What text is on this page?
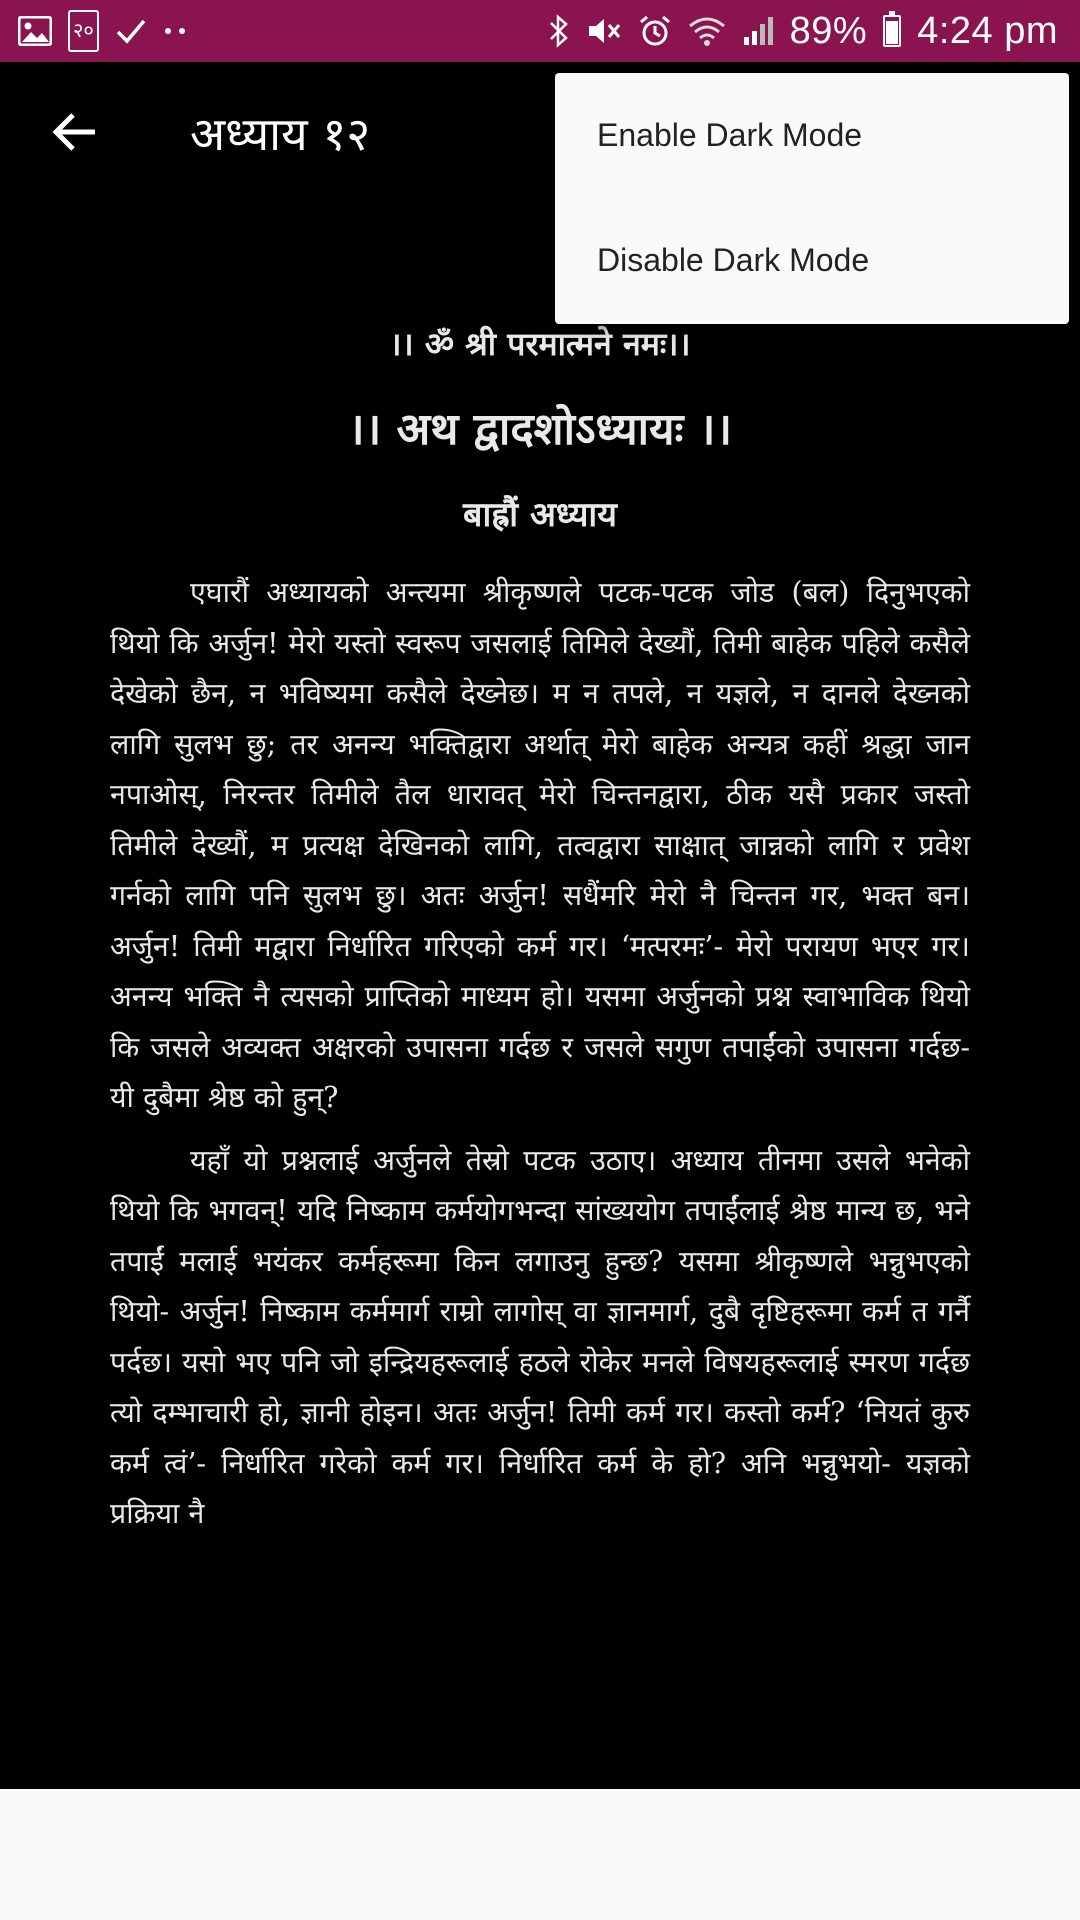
२०	89% 4:24 pm
अध्याय १२
।। ॐ श्री परमात्मने नमः।।
।। अथ द्वादशोऽध्यायः ।।
बाह्रौं अध्याय

एघारौं अध्यायको अन्त्यमा श्रीकृष्णले पटक-पटक जोड (बल) दिनुभएको थियो कि अर्जुन! मेरो यस्तो स्वरूप जसलाई तिमिले देख्यौं, तिमी बाहेक पहिले कसैले देखेको छैन, न भविष्यमा कसैले देख्नेछ। म न तपले, न यज्ञले, न दानले देख्नको लागि सुलभ छु; तर अनन्य भक्तिद्वारा अर्थात् मेरो बाहेक अन्यत्र कहीं श्रद्धा जान नपाओस्, निरन्तर तिमीले तैल धारावत् मेरो चिन्तनद्वारा, ठीक यसै प्रकार जस्तो तिमीले देख्यौं, म प्रत्यक्ष देखिनको लागि, तत्वद्वारा साक्षात् जान्नको लागि र प्रवेश गर्नको लागि पनि सुलभ छु। अतः अर्जुन! सधैंमरि मेरो नै चिन्तन गर, भक्त बन। अर्जुन! तिमी मद्वारा निर्धारित गरिएको कर्म गर। ‘मत्परमः’- मेरो परायण भएर गर। अनन्य भक्ति नै त्यसको प्राप्तिको माध्यम हो। यसमा अर्जुनको प्रश्न स्वाभाविक थियो कि जसले अव्यक्त अक्षरको उपासना गर्दछ र जसले सगुण तपाईंको उपासना गर्दछ- यी दुबैमा श्रेष्ठ को हुन्?

यहाँ यो प्रश्नलाई अर्जुनले तेस्रो पटक उठाए। अध्याय तीनमा उसले भनेको थियो कि भगवन्! यदि निष्काम कर्मयोगभन्दा सांख्ययोग तपाईंलाई श्रेष्ठ मान्य छ, भने तपाईं मलाई भयंकर कर्महरूमा किन लगाउनु हुन्छ? यसमा श्रीकृष्णले भन्नुभएको थियो- अर्जुन! निष्काम कर्ममार्ग राम्रो लागोस् वा ज्ञानमार्ग, दुबै दृष्टिहरूमा कर्म त गर्नै पर्दछ। यसो भए पनि जो इन्द्रियहरूलाई हठले रोकेर मनले विषयहरूलाई स्मरण गर्दछ त्यो दम्भाचारी हो, ज्ञानी होइन। अतः अर्जुन! तिमी कर्म गर। कस्तो कर्म? ‘नियतं कुरु कर्म त्वं’- निर्धारित गरेको कर्म गर। निर्धारित कर्म के हो? अनि भन्नुभयो- यज्ञको प्रक्रिया नै

Enable Dark Mode
Disable Dark Mode
